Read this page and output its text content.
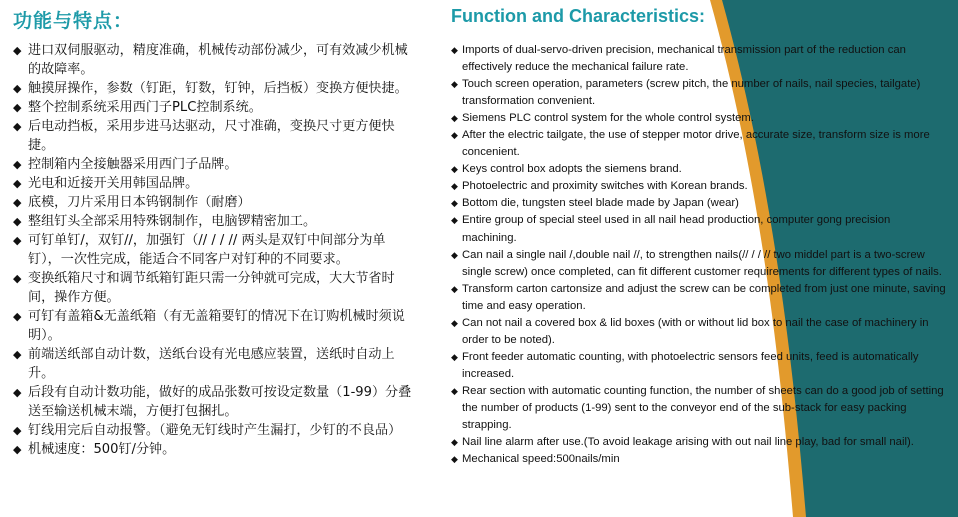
功能与特点：	Function and Characteristics:
◆ 进口双伺服驱动，精度准确，机械传动部份减少，可有效减少机械的故障率。
◆ 触摸屏操作，参数（钉距，钉数，钉钟，后挡板）变换方便快捷。
◆ 整个控制系统采用西门子PLC控制系统。
◆ 后电动挡板，采用步进马达驱动，尺寸准确，变换尺寸更方便快捷。
◆ 控制箱内全接触器采用西门子品牌。
◆ 光电和近接开关用韩国品牌。
◆ 底模，刀片采用日本钨钢制作（耐磨）
◆ 整组钉头全部采用特殊钢制作，电脑锣精密加工。
◆ 可钉单钉/，双钉//，加强钉（// / / // 两头是双钉中间部分为单钉），一次性完成，能适合不同客户对钉种的不同要求。
◆ 变换纸箱尺寸和调节纸箱钉距只需一分钟就可完成，大大节省时间，操作方便。
◆ 可钉有盖箱&无盖纸箱（有无盖箱要钉的情况下在订购机械时须说明）。
◆ 前端送纸部自动计数，送纸台设有光电感应装置，送纸时自动上升。
◆ 后段有自动计数功能，做好的成品张数可按设定数量（1-99）分叠送至输送机械末端，方便打包捆扎。
◆ 钉线用完后自动报警。（避免无钉线时产生漏打，少钉的不良品）
◆ 机械速度：500钉/分钟。
◆ Imports of dual-servo-driven precision, mechanical transmission part of the reduction can effectively reduce the mechanical failure rate.
◆ Touch screen operation, parameters (screw pitch, the number of nails, nail species, tailgate) transformation convenient.
◆ Siemens PLC control system for the whole control system.
◆ After the electric tailgate, the use of stepper motor drive, accurate size, transform size is more concenient.
◆ Keys control box adopts the siemens brand.
◆ Photoelectric and proximity switches with Korean brands.
◆ Bottom die, tungsten steel blade made by Japan (wear)
◆ Entire group of special steel used in all nail head production, computer gong precision machining.
◆ Can nail a single nail /,double nail //, to strengthen nails(// / / // two middel part is a two-screw single screw) once completed, can fit different customer requirements for different types of nails.
◆ Transform carton cartonsize and adjust the screw can be completed from just one minute, saving time and easy operation.
◆ Can not nail a covered box & lid boxes (with or without lid box to nail the case of machinery in order to be noted).
◆ Front feeder automatic counting, with photoelectric sensors feed units, feed is automatically increased.
◆ Rear section with automatic counting function, the number of sheets can do a good job of setting the number of products (1-99) sent to the conveyor end of the sub-stack for easy packing strapping.
◆ Nail line alarm after use.(To avoid leakage arising with out nail line play, bad for small nail).
◆ Mechanical speed:500nails/min
